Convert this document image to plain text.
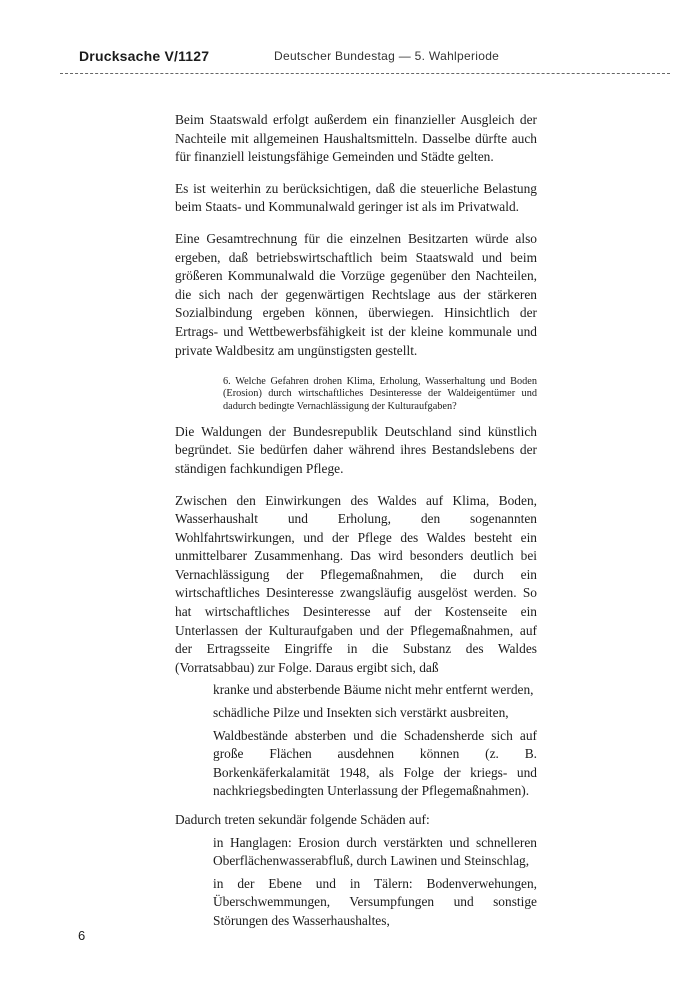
Drucksache V/1127	Deutscher Bundestag — 5. Wahlperiode

Beim Staatswald erfolgt außerdem ein finanzieller Ausgleich der Nachteile mit allgemeinen Haushaltsmitteln. Dasselbe dürfte auch für finanziell leistungsfähige Gemeinden und Städte gelten.

Es ist weiterhin zu berücksichtigen, daß die steuerliche Belastung beim Staats- und Kommunalwald geringer ist als im Privatwald.

Eine Gesamtrechnung für die einzelnen Besitzarten würde also ergeben, daß betriebswirtschaftlich beim Staatswald und beim größeren Kommunalwald die Vorzüge gegenüber den Nachteilen, die sich nach der gegenwärtigen Rechtslage aus der stärkeren Sozialbindung ergeben können, überwiegen. Hinsichtlich der Ertrags- und Wettbewerbsfähigkeit ist der kleine kommunale und private Waldbesitz am ungünstigsten gestellt.

6. Welche Gefahren drohen Klima, Erholung, Wasserhaltung und Boden (Erosion) durch wirtschaftliches Desinteresse der Waldeigentümer und dadurch bedingte Vernachlässigung der Kulturaufgaben?

Die Waldungen der Bundesrepublik Deutschland sind künstlich begründet. Sie bedürfen daher während ihres Bestandslebens der ständigen fachkundigen Pflege.

Zwischen den Einwirkungen des Waldes auf Klima, Boden, Wasserhaushalt und Erholung, den sogenannten Wohlfahrtswirkungen, und der Pflege des Waldes besteht ein unmittelbarer Zusammenhang. Das wird besonders deutlich bei Vernachlässigung der Pflegemaßnahmen, die durch ein wirtschaftliches Desinteresse zwangsläufig ausgelöst werden. So hat wirtschaftliches Desinteresse auf der Kostenseite ein Unterlassen der Kulturaufgaben und der Pflegemaßnahmen, auf der Ertragsseite Eingriffe in die Substanz des Waldes (Vorratsabbau) zur Folge. Daraus ergibt sich, daß

kranke und absterbende Bäume nicht mehr entfernt werden,
schädliche Pilze und Insekten sich verstärkt ausbreiten,
Waldbestände absterben und die Schadensherde sich auf große Flächen ausdehnen können (z. B. Borkenkäferkalamität 1948, als Folge der kriegs- und nachkriegsbedingten Unterlassung der Pflegemaßnahmen).

Dadurch treten sekundär folgende Schäden auf:

in Hanglagen: Erosion durch verstärkten und schnelleren Oberflächenwasserabfluß, durch Lawinen und Steinschlag,
in der Ebene und in Tälern: Bodenverwehungen, Überschwemmungen, Versumpfungen und sonstige Störungen des Wasserhaushaltes,
6
